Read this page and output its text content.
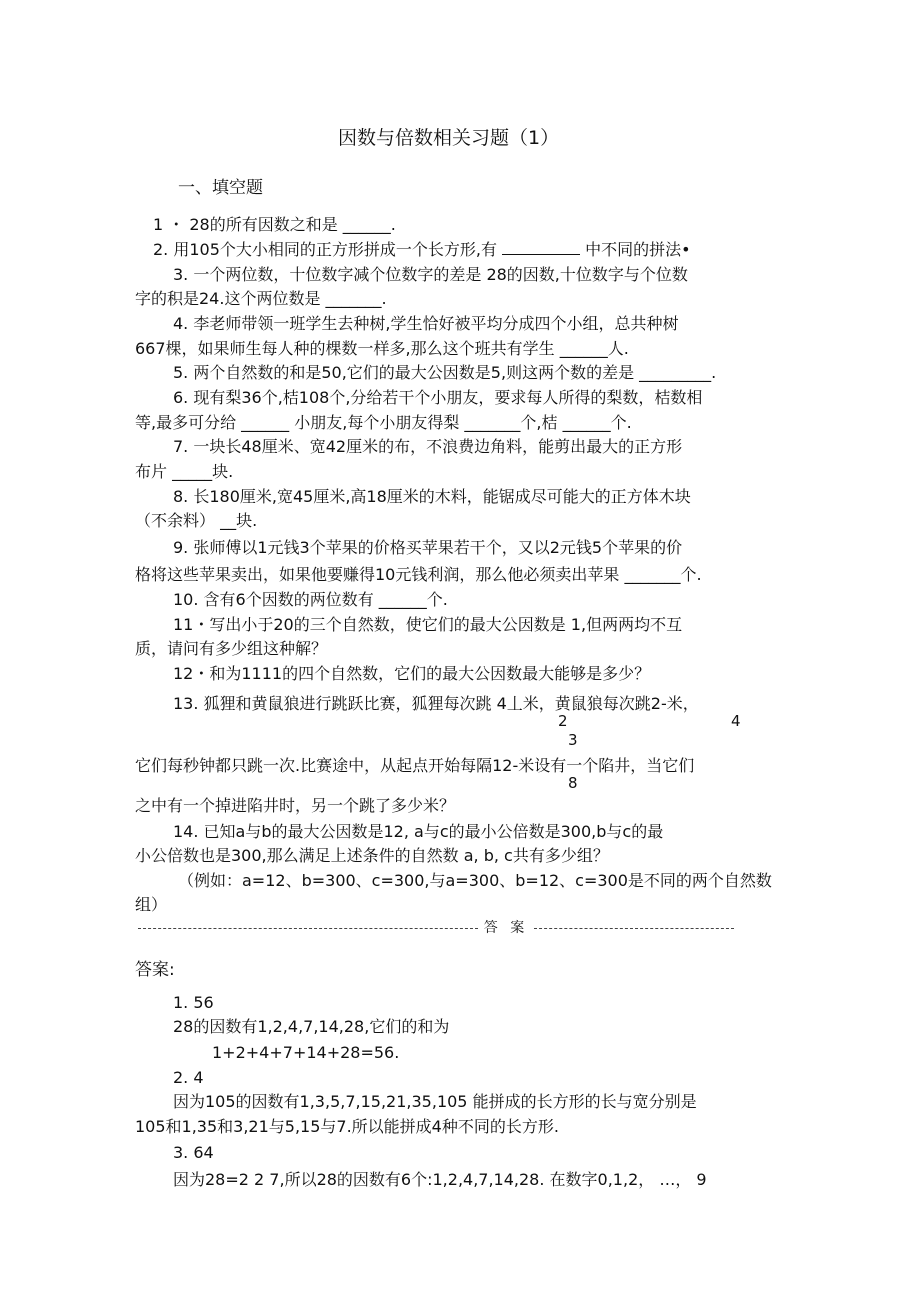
因数与倍数相关习题（1）
一、填空题
1 ・ 28的所有因数之和是 ______.
2. 用105个大小相同的正方形拼成一个长方形,有	中不同的拼法•
3. 一个两位数，十位数字减个位数字的差是 28的因数,十位数字与个位数
字的积是24.这个两位数是 _______.
4. 李老师带领一班学生去种树,学生恰好被平均分成四个小组，总共种树
667棵，如果师生每人种的棵数一样多,那么这个班共有学生 ______人.
5. 两个自然数的和是50,它们的最大公因数是5,则这两个数的差是 _________.
6. 现有梨36个,桔108个,分给若干个小朋友，要求每人所得的梨数，桔数相
等,最多可分给 ______ 小朋友,每个小朋友得梨 _______个,桔 ______个.
7. 一块长48厘米、宽42厘米的布，不浪费边角料，能剪出最大的正方形
布片 _____块.
8. 长180厘米,宽45厘米,高18厘米的木料，能锯成尽可能大的正方体木块
（不余料） __块.
9. 张师傅以1元钱3个苹果的价格买苹果若干个，又以2元钱5个苹果的价
格将这些苹果卖出，如果他要赚得10元钱利润，那么他必须卖出苹果 _______个.
10. 含有6个因数的两位数有 ______个.
11・写出小于20的三个自然数，使它们的最大公因数是 1,但两两均不互
质，请问有多少组这种解？
12・和为1111的四个自然数，它们的最大公因数最大能够是多少？
13. 狐狸和黄鼠狼进行跳跃比赛，狐狸每次跳 4丄米，黄鼠狼每次跳2-米，
2	4
3
它们每秒钟都只跳一次.比赛途中，从起点开始每隔12-米设有一个陷井，当它们
8
之中有一个掉进陷井时，另一个跳了多少米？
14. 已知a与b的最大公因数是12, a与c的最小公倍数是300,b与c的最
小公倍数也是300,那么满足上述条件的自然数 a, b, c共有多少组？
（例如：a=12、b=300、c=300,与a=300、b=12、c=300是不同的两个自然数
组）
答 案
答案:
1. 56
28的因数有1,2,4,7,14,28,它们的和为
1+2+4+7+14+28=56.
2. 4
因为105的因数有1,3,5,7,15,21,35,105 能拼成的长方形的长与宽分别是
105和1,35和3,21与5,15与7.所以能拼成4种不同的长方形.
3. 64
因为28=2 2 7,所以28的因数有6个:1,2,4,7,14,28. 在数字0,1,2， …， 9
